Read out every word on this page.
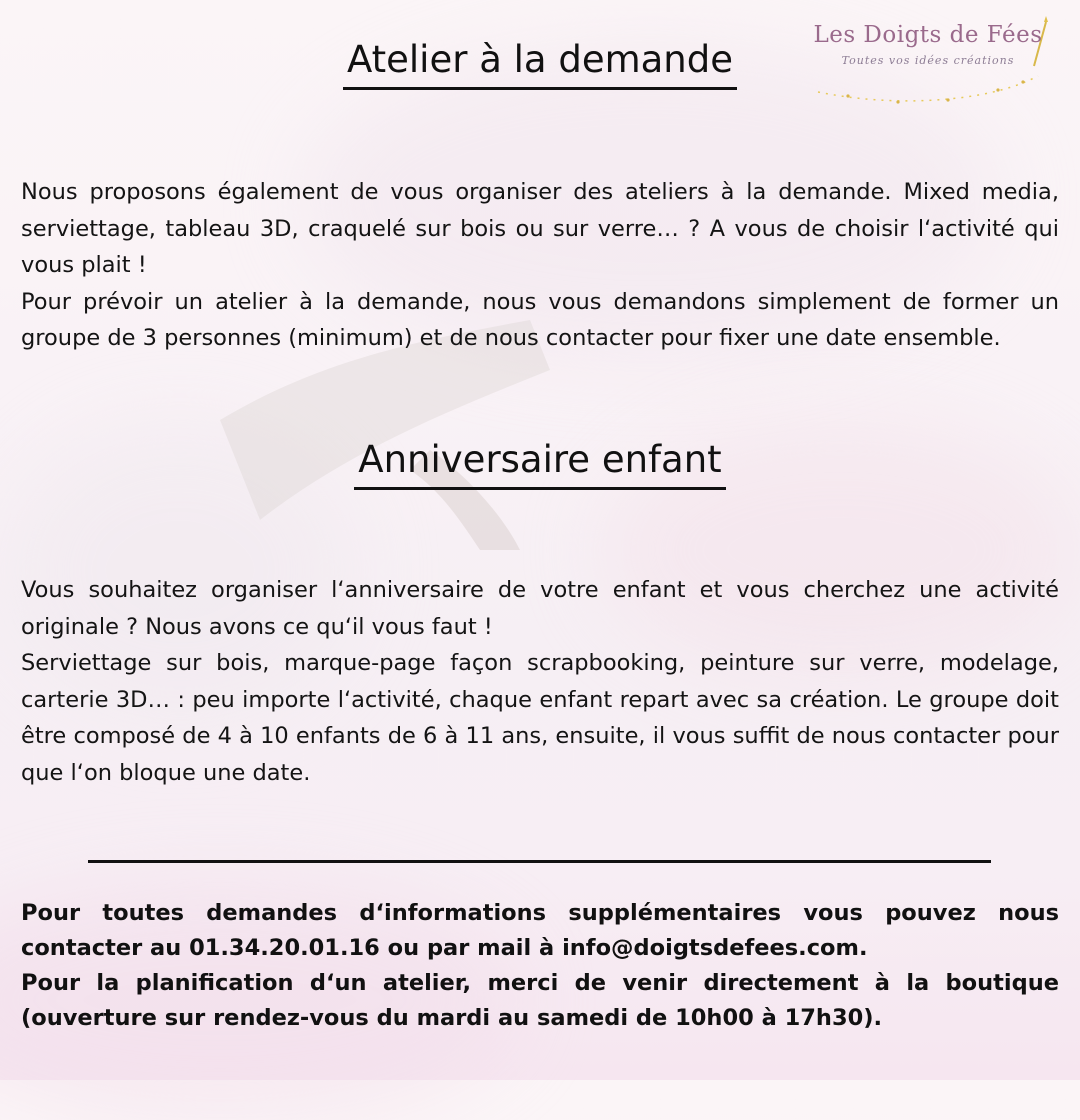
Les Doigts de Fées
Toutes vos idées créations
Atelier à la demande

Nous proposons également de vous organiser des ateliers à la demande. Mixed media, serviettage, tableau 3D, craquelé sur bois ou sur verre… ? A vous de choisir l‘activité qui vous plait !

Pour prévoir un atelier à la demande, nous vous demandons simplement de former un groupe de 3 personnes (minimum) et de nous contacter pour fixer une date ensemble.

Anniversaire enfant

Vous souhaitez organiser l‘anniversaire de votre enfant et vous cherchez une activité originale ? Nous avons ce qu‘il vous faut !

Serviettage sur bois, marque-page façon scrapbooking, peinture sur verre, modelage, carterie 3D… : peu importe l‘activité, chaque enfant repart avec sa création. Le groupe doit être composé de 4 à 10 enfants de 6 à 11 ans, ensuite, il vous suffit de nous contacter pour que l‘on bloque une date.

Pour toutes demandes d‘informations supplémentaires vous pouvez nous contacter au 01.34.20.01.16 ou par mail à info@doigtsdefees.com.

Pour la planification d‘un atelier, merci de venir directement à la boutique (ouverture sur rendez-vous du mardi au samedi de 10h00 à 17h30).
